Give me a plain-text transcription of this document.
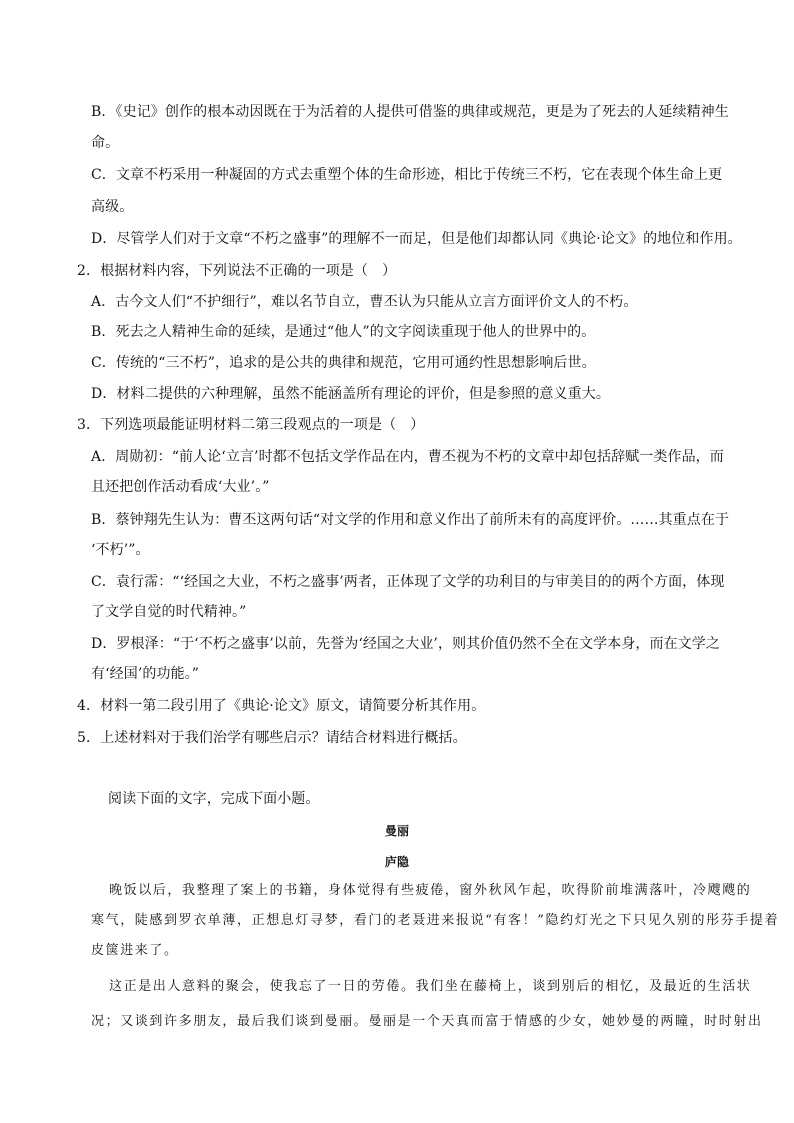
B．《史记》创作的根本动因既在于为活着的人提供可借鉴的典律或规范，更是为了死去的人延续精神生
命。
C．文章不朽采用一种凝固的方式去重塑个体的生命形迹，相比于传统三不朽，它在表现个体生命上更
高级。
D．尽管学人们对于文章“不朽之盛事”的理解不一而足，但是他们却都认同《典论·论文》的地位和作用。
2．根据材料内容，下列说法不正确的一项是（　）
A．古今文人们“不护细行”，难以名节自立，曹丕认为只能从立言方面评价文人的不朽。
B．死去之人精神生命的延续，是通过“他人”的文字阅读重现于他人的世界中的。
C．传统的“三不朽”，追求的是公共的典律和规范，它用可通约性思想影响后世。
D．材料二提供的六种理解，虽然不能涵盖所有理论的评价，但是参照的意义重大。
3．下列选项最能证明材料二第三段观点的一项是（　）
A．周勋初：“前人论‘立言’时都不包括文学作品在内，曹丕视为不朽的文章中却包括辞赋一类作品，而
且还把创作活动看成‘大业’。”
B．蔡钟翔先生认为：曹丕这两句话“对文学的作用和意义作出了前所未有的高度评价。……其重点在于
‘不朽’”。
C．袁行霈：“‘经国之大业，不朽之盛事’两者，正体现了文学的功利目的与审美目的的两个方面，体现
了文学自觉的时代精神。”
D．罗根泽：“于‘不朽之盛事’以前，先誉为‘经国之大业’，则其价值仍然不全在文学本身，而在文学之
有‘经国’的功能。”
4．材料一第二段引用了《典论·论文》原文，请简要分析其作用。
5．上述材料对于我们治学有哪些启示？请结合材料进行概括。
阅读下面的文字，完成下面小题。
曼丽
庐隐
晚饭以后，我整理了案上的书籍，身体觉得有些疲倦，窗外秋风乍起，吹得阶前堆满落叶，冷飕飕的
寒气，陡感到罗衣单薄，正想息灯寻梦，看门的老聂进来报说“有客！”隐约灯光之下只见久别的彤芬手提着
皮箧进来了。
这正是出人意料的聚会，使我忘了一日的劳倦。我们坐在藤椅上，谈到别后的相忆，及最近的生活状
况；又谈到许多朋友，最后我们谈到曼丽。曼丽是一个天真而富于情感的少女，她妙曼的两瞳，时时射出
